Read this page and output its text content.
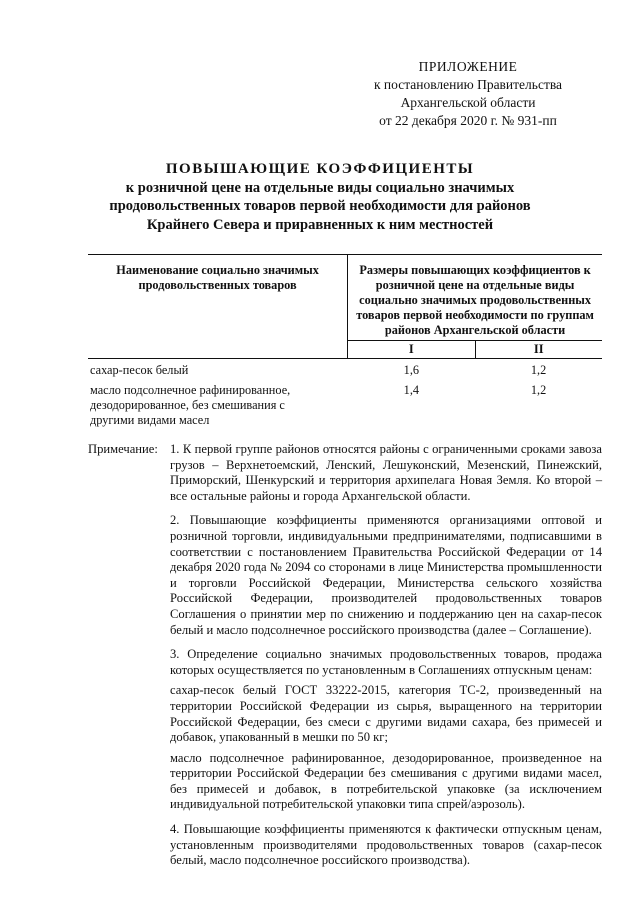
ПРИЛОЖЕНИЕ
к постановлению Правительства
Архангельской области
от 22 декабря 2020 г. № 931-пп
ПОВЫШАЮЩИЕ КОЭФФИЦИЕНТЫ
к розничной цене на отдельные виды социально значимых
продовольственных товаров первой необходимости для районов
Крайнего Севера и приравненных к ним местностей
Наименование социально значимых продовольственных товаров	Размеры повышающих коэффициентов к розничной цене на отдельные виды социально значимых продовольственных товаров первой необходимости по группам районов Архангельской области	
	I	II
сахар-песок белый	1,6	1,2
масло подсолнечное рафинированное, дезодорированное, без смешивания с другими видами масел	1,4	1,2
Примечание: 1. К первой группе районов относятся районы с ограниченными сроками завоза грузов – Верхнетоемский, Ленский, Лешуконский, Мезенский, Пинежский, Приморский, Шенкурский и территория архипелага Новая Земля. Ко второй – все остальные районы и города Архангельской области.

2. Повышающие коэффициенты применяются организациями оптовой и розничной торговли, индивидуальными предпринимателями, подписавшими в соответствии с постановлением Правительства Российской Федерации от 14 декабря 2020 года № 2094 со сторонами в лице Министерства промышленности и торговли Российской Федерации, Министерства сельского хозяйства Российской Федерации, производителей продовольственных товаров Соглашения о принятии мер по снижению и поддержанию цен на сахар-песок белый и масло подсолнечное российского производства (далее – Соглашение).

3. Определение социально значимых продовольственных товаров, продажа которых осуществляется по установленным в Соглашениях отпускным ценам:

сахар-песок белый ГОСТ 33222-2015, категория ТС-2, произведенный на территории Российской Федерации из сырья, выращенного на территории Российской Федерации, без смеси с другими видами сахара, без примесей и добавок, упакованный в мешки по 50 кг;

масло подсолнечное рафинированное, дезодорированное, произведенное на территории Российской Федерации без смешивания с другими видами масел, без примесей и добавок, в потребительской упаковке (за исключением индивидуальной потребительской упаковки типа спрей/аэрозоль).

4. Повышающие коэффициенты применяются к фактически отпускным ценам, установленным производителями продовольственных товаров (сахар-песок белый, масло подсолнечное российского производства).
